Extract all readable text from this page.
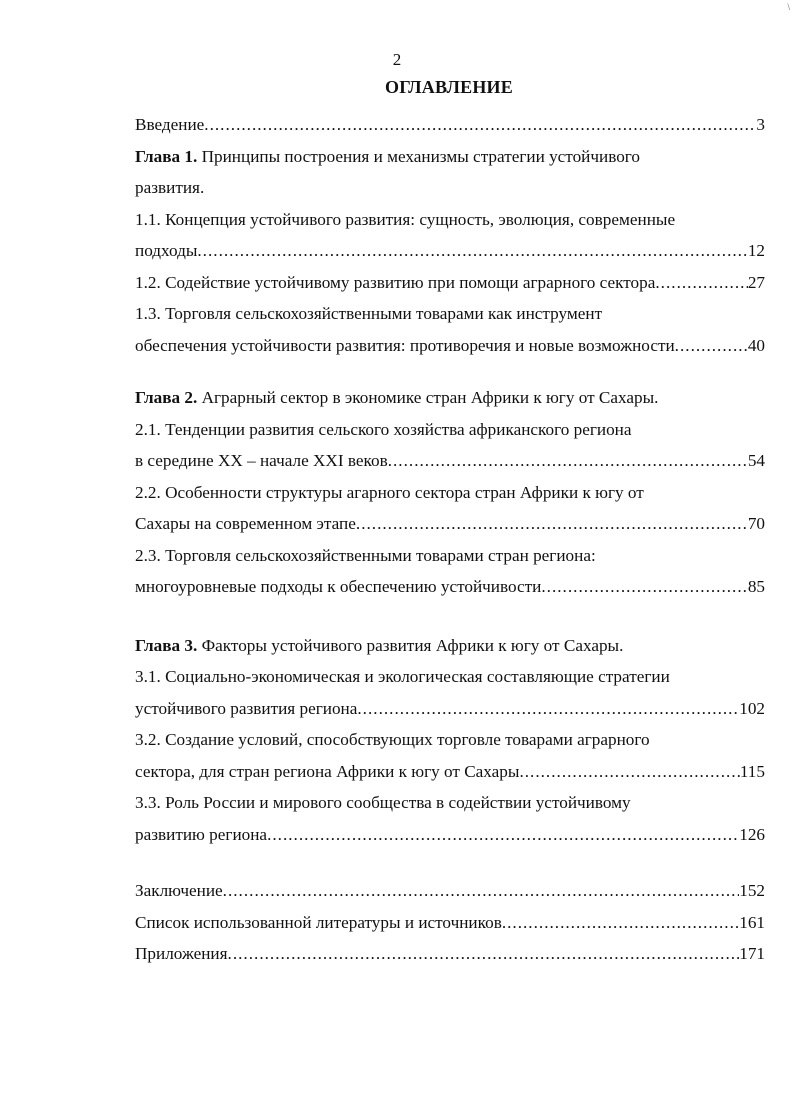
\
2
ОГЛАВЛЕНИЕ
Введение .....	3
Глава 1. Принципы построения и механизмы стратегии устойчивого
развития.
1.1. Концепция устойчивого развития: сущность, эволюция, современные
подходы .....	12
1.2. Содействие устойчивому развитию при помощи аграрного сектора .....	27
1.3. Торговля сельскохозяйственными товарами как инструмент
обеспечения устойчивости развития: противоречия и новые возможности .....	40
Глава 2. Аграрный сектор в экономике стран Африки к югу от Сахары.
2.1. Тенденции развития сельского хозяйства африканского региона
в середине XX – начале XXI веков .....	54
2.2. Особенности структуры агарного сектора стран Африки к югу от
Сахары на современном этапе .....	70
2.3. Торговля сельскохозяйственными товарами стран региона:
многоуровневые подходы к обеспечению устойчивости .....	85
Глава 3. Факторы устойчивого развития Африки к югу от Сахары.
3.1. Социально-экономическая и экологическая составляющие стратегии
устойчивого развития региона .....	102
3.2. Создание условий, способствующих торговле товарами аграрного
сектора, для стран региона Африки к югу от Сахары .....	115
3.3. Роль России и мирового сообщества в содействии устойчивому
развитию региона .....	126
Заключение .....	152
Список использованной литературы и источников .....	161
Приложения .....	171
